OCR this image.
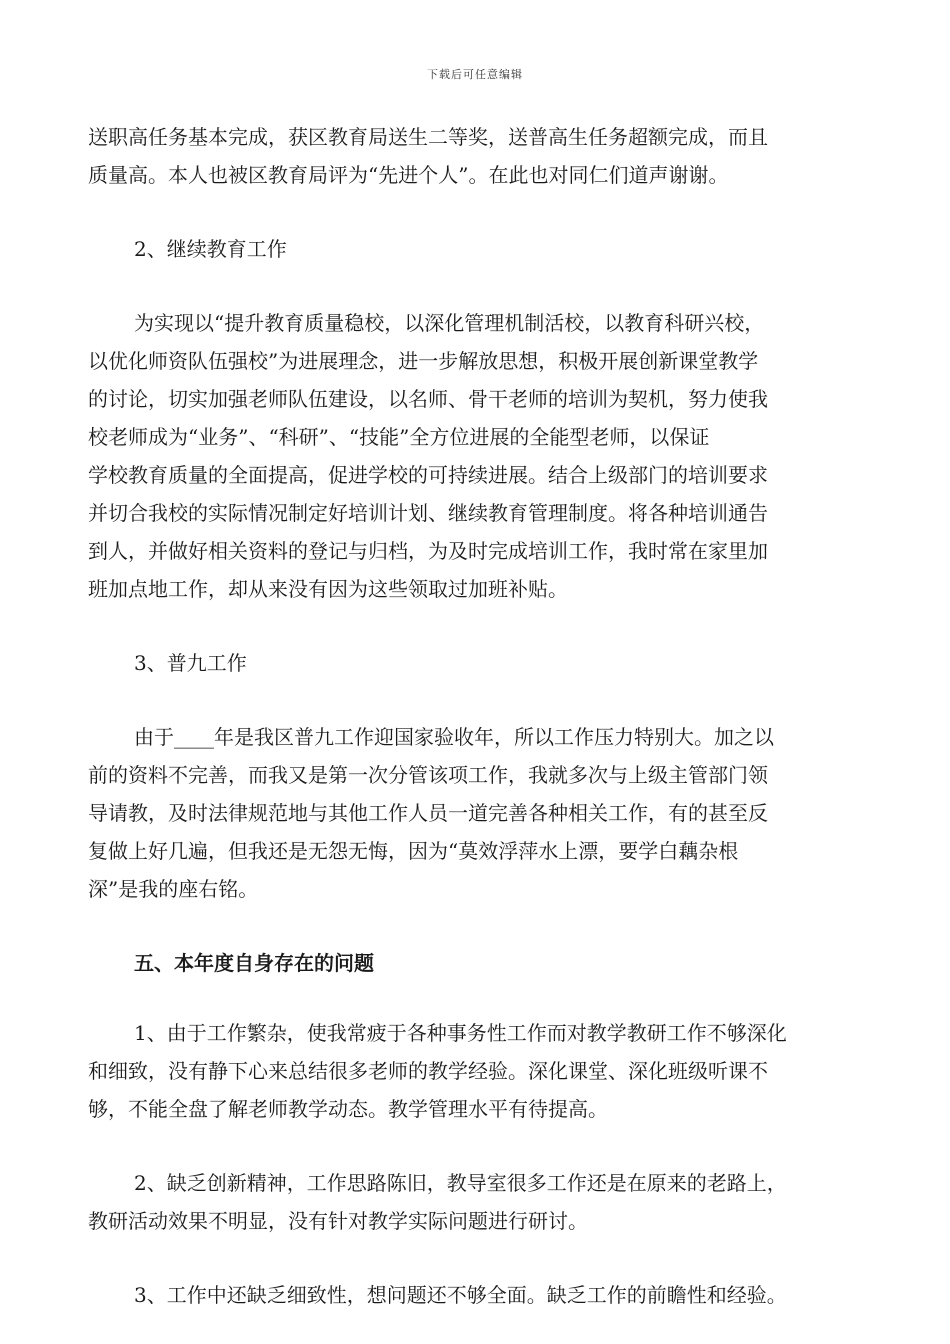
下载后可任意编辑
送职高任务基本完成，获区教育局送生二等奖，送普高生任务超额完成，而且
质量高。本人也被区教育局评为“先进个人”。在此也对同仁们道声谢谢。
2、继续教育工作
为实现以“提升教育质量稳校，以深化管理机制活校，以教育科研兴校，
以优化师资队伍强校”为进展理念，进一步解放思想，积极开展创新课堂教学
的讨论，切实加强老师队伍建设，以名师、骨干老师的培训为契机，努力使我
校老师成为“业务”、“科研”、“技能”全方位进展的全能型老师，以保证
学校教育质量的全面提高，促进学校的可持续进展。结合上级部门的培训要求
并切合我校的实际情况制定好培训计划、继续教育管理制度。将各种培训通告
到人，并做好相关资料的登记与归档，为及时完成培训工作，我时常在家里加
班加点地工作，却从来没有因为这些领取过加班补贴。
3、普九工作
由于____年是我区普九工作迎国家验收年，所以工作压力特别大。加之以
前的资料不完善，而我又是第一次分管该项工作，我就多次与上级主管部门领
导请教，及时法律规范地与其他工作人员一道完善各种相关工作，有的甚至反
复做上好几遍，但我还是无怨无悔，因为“莫效浮萍水上漂，要学白藕杂根
深”是我的座右铭。
五、本年度自身存在的问题
1、由于工作繁杂，使我常疲于各种事务性工作而对教学教研工作不够深化
和细致，没有静下心来总结很多老师的教学经验。深化课堂、深化班级听课不
够，不能全盘了解老师教学动态。教学管理水平有待提高。
2、缺乏创新精神，工作思路陈旧，教导室很多工作还是在原来的老路上，
教研活动效果不明显，没有针对教学实际问题进行研讨。
3、工作中还缺乏细致性，想问题还不够全面。缺乏工作的前瞻性和经验。
